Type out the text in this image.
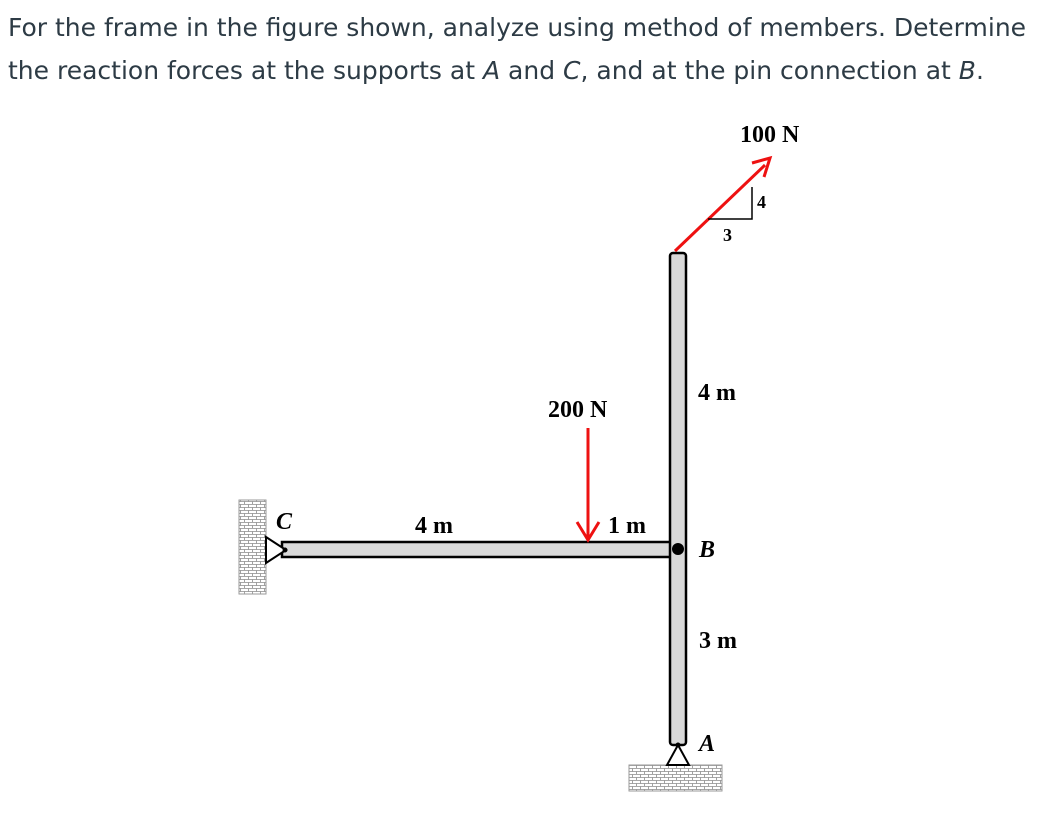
For the frame in the figure shown, analyze using method of members. Determine

the reaction forces at the supports at A and C, and at the pin connection at B.

100 N
4
3
4 m
200 N
C	4 m	1 m
B
3 m
A
